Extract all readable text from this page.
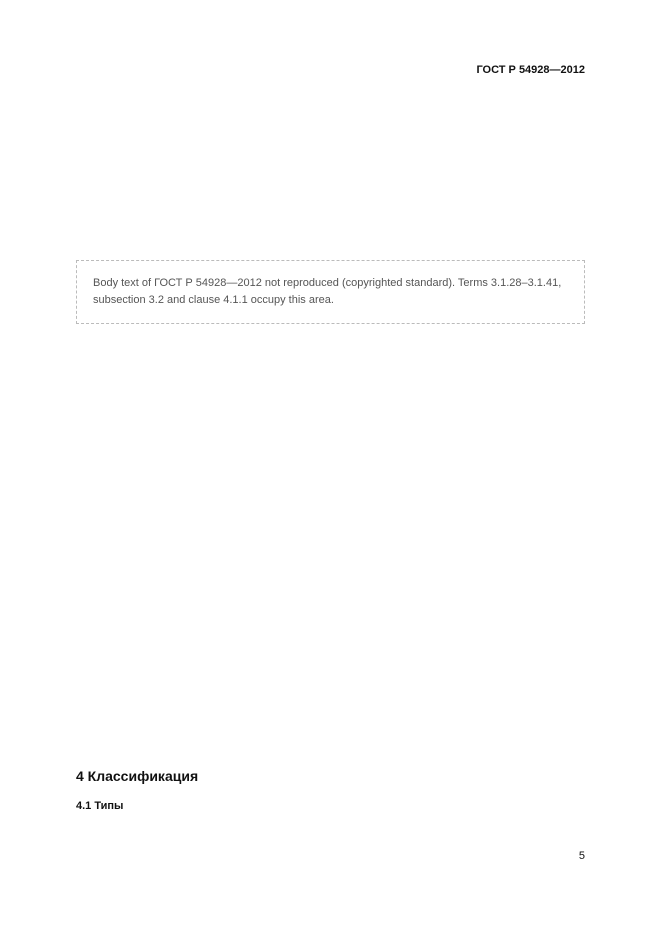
ГОСТ Р 54928—2012
Body text of ГОСТ Р 54928—2012 not reproduced (copyrighted standard). Terms 3.1.28–3.1.41, subsection 3.2 and clause 4.1.1 occupy this area.
4 Классификация
4.1 Типы
5
